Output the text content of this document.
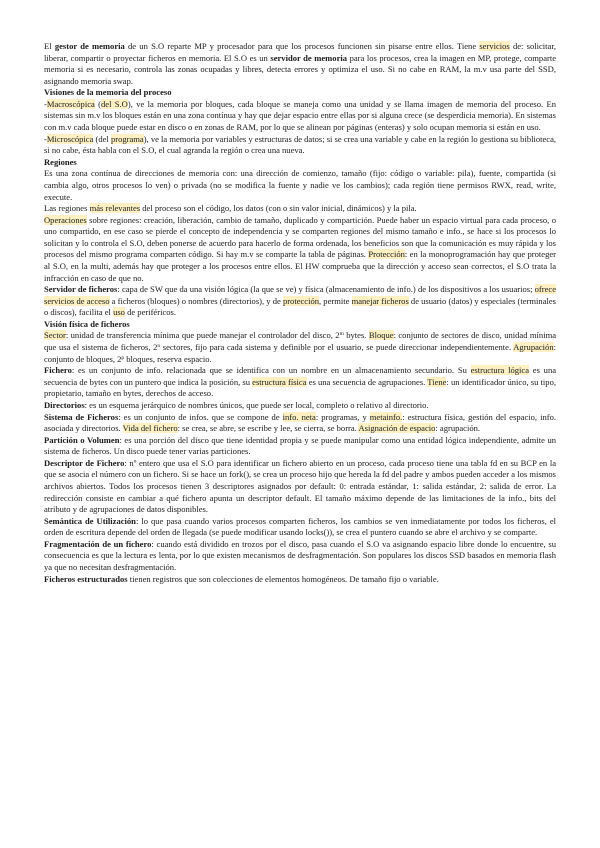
El gestor de memoria de un S.O reparte MP y procesador para que los procesos funcionen sin pisarse entre ellos. Tiene servicios de: solicitar, liberar, compartir o proyectar ficheros en memoria. El S.O es un servidor de memoria para los procesos, crea la imagen en MP, protege, comparte memoria si es necesario, controla las zonas ocupadas y libres, detecta errores y optimiza el uso. Si no cabe en RAM, la m.v usa parte del SSD, asignando memoria swap.

Visiones de la memoria del proceso

-Macroscópica (del S.O), ve la memoria por bloques, cada bloque se maneja como una unidad y se llama imagen de memoria del proceso. En sistemas sin m.v los bloques están en una zona contínua y hay que dejar espacio entre ellas por si alguna crece (se desperdicia memoria). En sistemas con m.v cada bloque puede estar en disco o en zonas de RAM, por lo que se alinean por páginas (enteras) y solo ocupan memoria si están en uso.

-Microscópica (del programa), ve la memoria por variables y estructuras de datos; si se crea una variable y cabe en la región lo gestiona su biblioteca, si no cabe, ésta habla con el S.O, el cual agranda la región o crea una nueva.

Regiones

Es una zona contínua de direcciones de memoria con: una dirección de comienzo, tamaño (fijo: código o variable: pila), fuente, compartida (si cambia algo, otros procesos lo ven) o privada (no se modifica la fuente y nadie ve los cambios); cada región tiene permisos RWX, read, write, execute.

Las regiones más relevantes del proceso son el código, los datos (con o sin valor inicial, dinámicos) y la pila.

Operaciones sobre regiones: creación, liberación, cambio de tamaño, duplicado y compartición. Puede haber un espacio virtual para cada proceso, o uno compartido, en ese caso se pierde el concepto de independencia y se comparten regiones del mismo tamaño e info., se hace si los procesos lo solicitan y lo controla el S.O, deben ponerse de acuerdo para hacerlo de forma ordenada, los beneficios son que la comunicación es muy rápida y los procesos del mismo programa comparten código. Si hay m.v se comparte la tabla de páginas. Protección: en la monoprogramación hay que proteger al S.O, en la multi, además hay que proteger a los procesos entre ellos. El HW comprueba que la dirección y acceso sean correctos, el S.O trata la infracción en caso de que no.

Servidor de ficheros: capa de SW que da una visión lógica (la que se ve) y física (almacenamiento de info.) de los dispositivos a los usuarios; ofrece servicios de acceso a ficheros (bloques) o nombres (directorios), y de protección, permite manejar ficheros de usuario (datos) y especiales (terminales o discos), facilita el uso de periféricos.

Visión física de ficheros

Sector: unidad de transferencia mínima que puede manejar el controlador del disco, 2$^m$ bytes. Bloque: conjunto de sectores de disco, unidad mínima que usa el sistema de ficheros, 2$^n$ sectores, fijo para cada sistema y definible por el usuario, se puede direccionar independientemente. Agrupación: conjunto de bloques, 2$^p$ bloques, reserva espacio.

Fichero: es un conjunto de info. relacionada que se identifica con un nombre en un almacenamiento secundario. Su estructura lógica es una secuencia de bytes con un puntero que indica la posición, su estructura física es una secuencia de agrupaciones. Tiene: un identificador único, su tipo, propietario, tamaño en bytes, derechos de acceso.

Directorios: es un esquema jerárquico de nombres únicos, que puede ser local, completo o relativo al directorio.

Sistema de Ficheros: es un conjunto de infos. que se compone de info. neta: programas, y metainfo.: estructura física, gestión del espacio, info. asociada y directorios. Vida del fichero: se crea, se abre, se escribe y lee, se cierra, se borra. Asignación de espacio: agrupación.

Partición o Volumen: es una porción del disco que tiene identidad propia y se puede manipular como una entidad lógica independiente, admite un sistema de ficheros. Un disco puede tener varias particiones.

Descriptor de Fichero: nº entero que usa el S.O para identificar un fichero abierto en un proceso, cada proceso tiene una tabla fd en su BCP en la que se asocia el número con un fichero. Si se hace un fork(), se crea un proceso hijo que hereda la fd del padre y ambos pueden acceder a los mismos archivos abiertos. Todos los procesos tienen 3 descriptores asignados por default: 0: entrada estándar, 1: salida estándar, 2: salida de error. La redirección consiste en cambiar a qué fichero apunta un descriptor default. El tamaño máximo depende de las limitaciones de la info., bits del atributo y de agrupaciones de datos disponibles.

Semántica de Utilización: lo que pasa cuando varios procesos comparten ficheros, los cambios se ven inmediatamente por todos los ficheros, el orden de escritura depende del orden de llegada (se puede modificar usando locks()), se crea el puntero cuando se abre el archivo y se comparte.

Fragmentación de un fichero: cuando está dividido en trozos por el disco, pasa cuando el S.O va asignando espacio libre donde lo encuentre, su consecuencia es que la lectura es lenta, por lo que existen mecanismos de desfragmentación. Son populares los discos SSD basados en memoria flash ya que no necesitan desfragmentación.

Ficheros estructurados tienen registros que son colecciones de elementos homogéneos. De tamaño fijo o variable.
